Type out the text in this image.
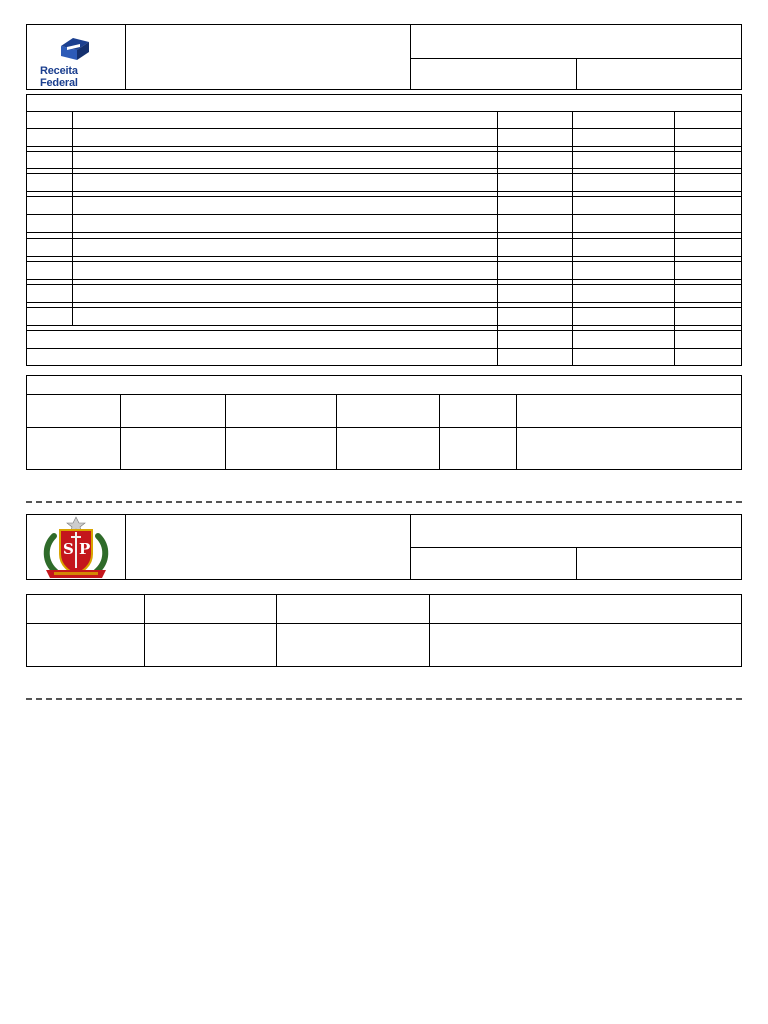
Receita Federal
S P
